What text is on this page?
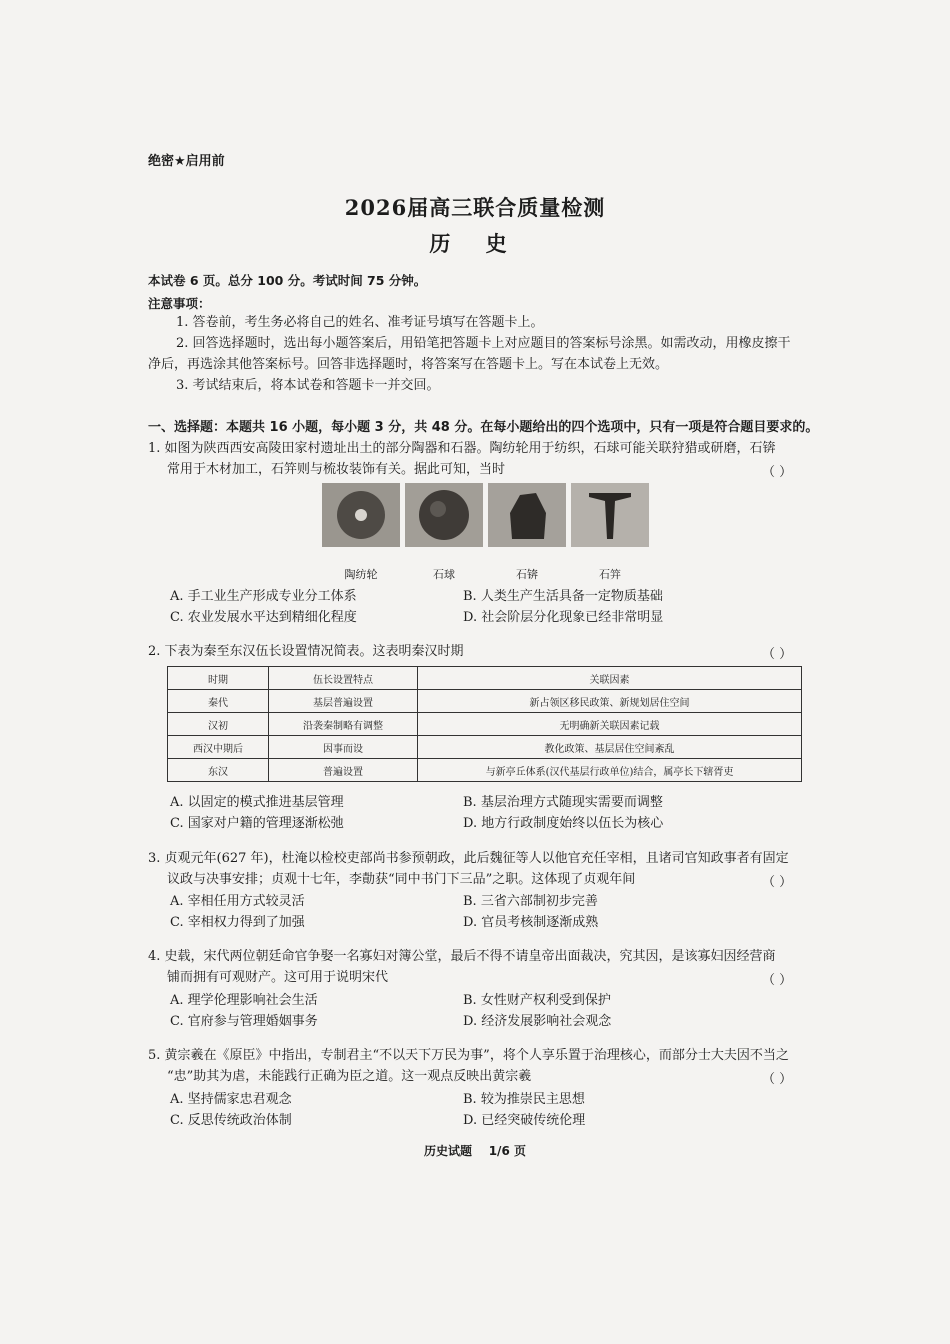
绝密★启用前
2026届高三联合质量检测
历 史
本试卷 6 页。总分 100 分。考试时间 75 分钟。
注意事项：
1. 答卷前，考生务必将自己的姓名、准考证号填写在答题卡上。
2. 回答选择题时，选出每小题答案后，用铅笔把答题卡上对应题目的答案标号涂黑。如需改动，用橡皮擦干
净后，再选涂其他答案标号。回答非选择题时，将答案写在答题卡上。写在本试卷上无效。
3. 考试结束后，将本试卷和答题卡一并交回。
一、选择题：本题共 16 小题，每小题 3 分，共 48 分。在每小题给出的四个选项中，只有一项是符合题目要求的。
1. 如图为陕西西安高陵田家村遗址出土的部分陶器和石器。陶纺轮用于纺织，石球可能关联狩猎或研磨，石锛
常用于木材加工，石笄则与梳妆装饰有关。据此可知，当时	（ ）
陶纺轮	石球	石锛	石笄
A. 手工业生产形成专业分工体系	B. 人类生产生活具备一定物质基础
C. 农业发展水平达到精细化程度	D. 社会阶层分化现象已经非常明显
2. 下表为秦至东汉伍长设置情况简表。这表明秦汉时期	（ ）
时期	伍长设置特点	关联因素
秦代	基层普遍设置	新占领区移民政策、新规划居住空间
汉初	沿袭秦制略有调整	无明确新关联因素记载
西汉中期后	因事而设	教化政策、基层居住空间紊乱
东汉	普遍设置	与新亭丘体系(汉代基层行政单位)结合，属亭长下辖胥吏
A. 以固定的模式推进基层管理	B. 基层治理方式随现实需要而调整
C. 国家对户籍的管理逐渐松弛	D. 地方行政制度始终以伍长为核心
3. 贞观元年(627 年)，杜淹以检校吏部尚书参预朝政，此后魏征等人以他官充任宰相，且诸司官知政事者有固定
议政与决事安排；贞观十七年，李勣获“同中书门下三品”之职。这体现了贞观年间	（ ）
A. 宰相任用方式较灵活	B. 三省六部制初步完善
C. 宰相权力得到了加强	D. 官员考核制逐渐成熟
4. 史载，宋代两位朝廷命官争娶一名寡妇对簿公堂，最后不得不请皇帝出面裁决，究其因，是该寡妇因经营商
铺而拥有可观财产。这可用于说明宋代	（ ）
A. 理学伦理影响社会生活	B. 女性财产权利受到保护
C. 官府参与管理婚姻事务	D. 经济发展影响社会观念
5. 黄宗羲在《原臣》中指出，专制君主“不以天下万民为事”，将个人享乐置于治理核心，而部分士大夫因不当之
“忠”助其为虐，未能践行正确为臣之道。这一观点反映出黄宗羲	（ ）
A. 坚持儒家忠君观念	B. 较为推崇民主思想
C. 反思传统政治体制	D. 已经突破传统伦理
历史试题    1/6 页
